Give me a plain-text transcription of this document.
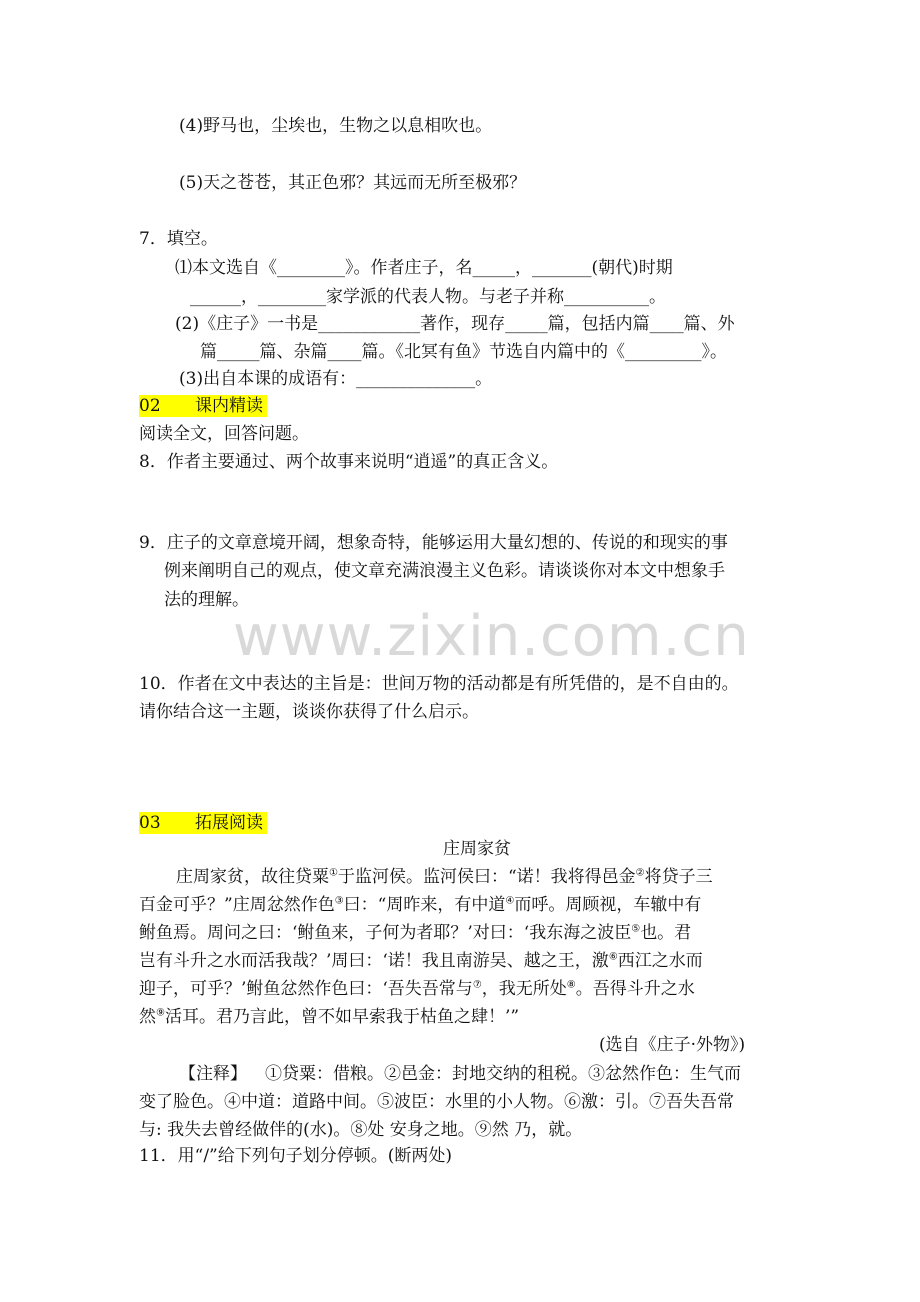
www.zixin.com.cn
(4)野马也，尘埃也，生物之以息相吹也。
(5)天之苍苍，其正色邪？其远而无所至极邪？
7．填空。
⑴本文选自《________》。作者庄子，名_____，_______(朝代)时期
______，________家学派的代表人物。与老子并称__________。
(2)《庄子》一书是____________著作，现存_____篇，包括内篇____篇、外
篇_____篇、杂篇____篇。《北冥有鱼》节选自内篇中的《_________》。
(3)出自本课的成语有：______________。
02 课内精读
阅读全文，回答问题。
8．作者主要通过、两个故事来说明“逍遥”的真正含义。
9．庄子的文章意境开阔，想象奇特，能够运用大量幻想的、传说的和现实的事
例来阐明自己的观点，使文章充满浪漫主义色彩。请谈谈你对本文中想象手
法的理解。
10．作者在文中表达的主旨是：世间万物的活动都是有所凭借的，是不自由的。
请你结合这一主题，谈谈你获得了什么启示。
03 拓展阅读
庄周家贫
庄周家贫，故往贷粟①于监河侯。监河侯曰：“诺！我将得邑金②将贷子三
百金可乎？”庄周忿然作色③曰：“周昨来，有中道④而呼。周顾视，车辙中有
鲋鱼焉。周问之曰：‘鲋鱼来，子何为者耶？’对曰：‘我东海之波臣⑤也。君
岂有斗升之水而活我哉？’周曰：‘诺！我且南游吴、越之王，激⑥西江之水而
迎子，可乎？’鲋鱼忿然作色曰：‘吾失吾常与⑦，我无所处⑧。吾得斗升之水
然⑨活耳。君乃言此，曾不如早索我于枯鱼之肆！’”
(选自《庄子·外物》)
【注释】 ①贷粟：借粮。②邑金：封地交纳的租税。③忿然作色：生气而
变了脸色。④中道：道路中间。⑤波臣：水里的小人物。⑥激：引。⑦吾失吾常
与: 我失去曾经做伴的(水)。⑧处 安身之地。⑨然 乃，就。
11．用“/”给下列句子划分停顿。(断两处)
